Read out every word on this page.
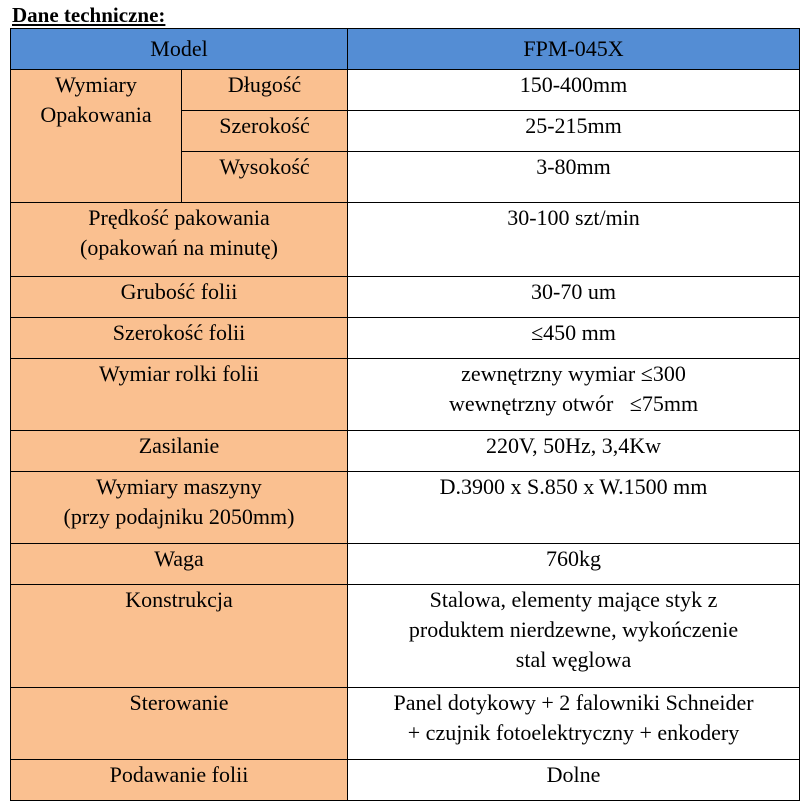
Dane techniczne:
Model		FPM-045X

Wymiary
Opakowania	Długość	150-400mm
	Szerokość	25-215mm
	Wysokość	3-80mm

Prędkość pakowania
(opakowań na minutę)		30-100 szt/min

Grubość folii		30-70 um

Szerokość folii		≤450 mm

Wymiar rolki folii		zewnętrzny wymiar ≤300
wewnętrzny otwór   ≤75mm

Zasilanie		220V, 50Hz, 3,4Kw

Wymiary maszyny
(przy podajniku 2050mm)		D.3900 x S.850 x W.1500 mm

Waga		760kg

Konstrukcja		Stalowa, elementy mające styk z
produktem nierdzewne, wykończenie
stal węglowa

Sterowanie		Panel dotykowy + 2 falowniki Schneider
+ czujnik fotoelektryczny + enkodery

Podawanie folii		Dolne
